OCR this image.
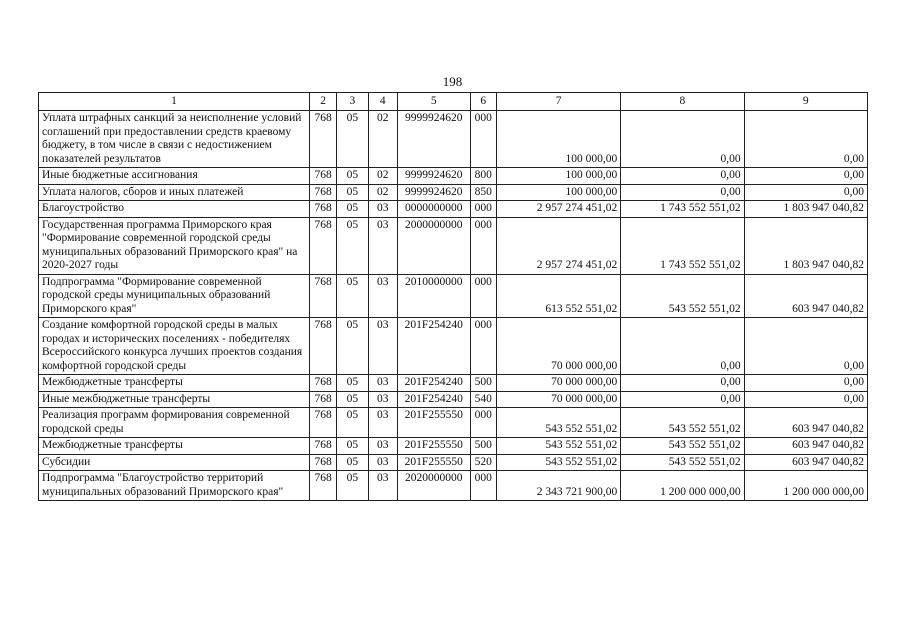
198
1	2	3	4	5	6	7	8	9
Уплата штрафных санкций за неисполнение условий соглашений при предоставлении средств краевому бюджету, в том числе в связи с недостижением показателей результатов	768	05	02	9999924620	000	100 000,00	0,00	0,00
Иные бюджетные ассигнования	768	05	02	9999924620	800	100 000,00	0,00	0,00
Уплата налогов, сборов и иных платежей	768	05	02	9999924620	850	100 000,00	0,00	0,00
Благоустройство	768	05	03	0000000000	000	2 957 274 451,02	1 743 552 551,02	1 803 947 040,82
Государственная программа Приморского края "Формирование современной городской среды муниципальных образований Приморского края" на 2020-2027 годы	768	05	03	2000000000	000	2 957 274 451,02	1 743 552 551,02	1 803 947 040,82
Подпрограмма "Формирование современной городской среды муниципальных образований Приморского края"	768	05	03	2010000000	000	613 552 551,02	543 552 551,02	603 947 040,82
Создание комфортной городской среды в малых городах и исторических поселениях - победителях Всероссийского конкурса лучших проектов создания комфортной городской среды	768	05	03	201F254240	000	70 000 000,00	0,00	0,00
Межбюджетные трансферты	768	05	03	201F254240	500	70 000 000,00	0,00	0,00
Иные межбюджетные трансферты	768	05	03	201F254240	540	70 000 000,00	0,00	0,00
Реализация программ формирования современной городской среды	768	05	03	201F255550	000	543 552 551,02	543 552 551,02	603 947 040,82
Межбюджетные трансферты	768	05	03	201F255550	500	543 552 551,02	543 552 551,02	603 947 040,82
Субсидии	768	05	03	201F255550	520	543 552 551,02	543 552 551,02	603 947 040,82
Подпрограмма "Благоустройство территорий муниципальных образований Приморского края"	768	05	03	2020000000	000	2 343 721 900,00	1 200 000 000,00	1 200 000 000,00
